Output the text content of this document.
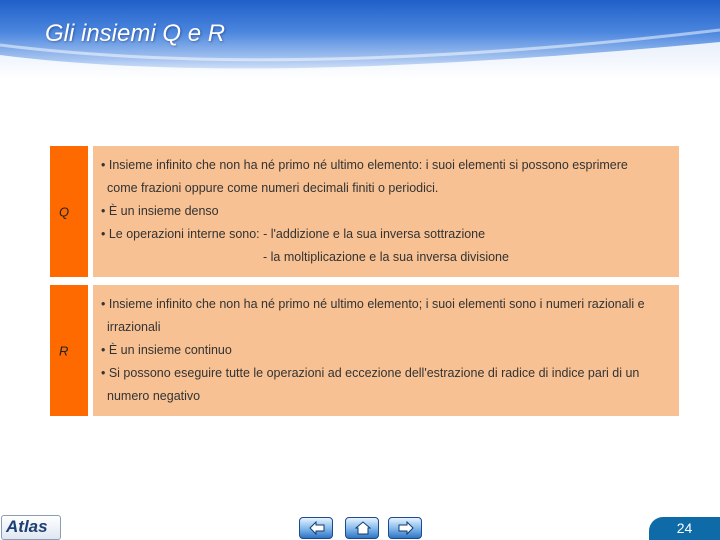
Gli insiemi Q e R
Q
• Insieme infinito che non ha né primo né ultimo elemento: i suoi elementi si possono esprimere
come frazioni oppure come numeri decimali finiti o periodici.
• È un insieme denso
• Le operazioni interne sono: - l'addizione e la sua inversa sottrazione
- la moltiplicazione e la sua inversa divisione
R
• Insieme infinito che non ha né primo né ultimo elemento; i suoi elementi sono i numeri razionali e
irrazionali
• È un insieme continuo
• Si possono eseguire tutte le operazioni ad eccezione dell'estrazione di radice di indice pari di un
numero negativo
Atlas	24
